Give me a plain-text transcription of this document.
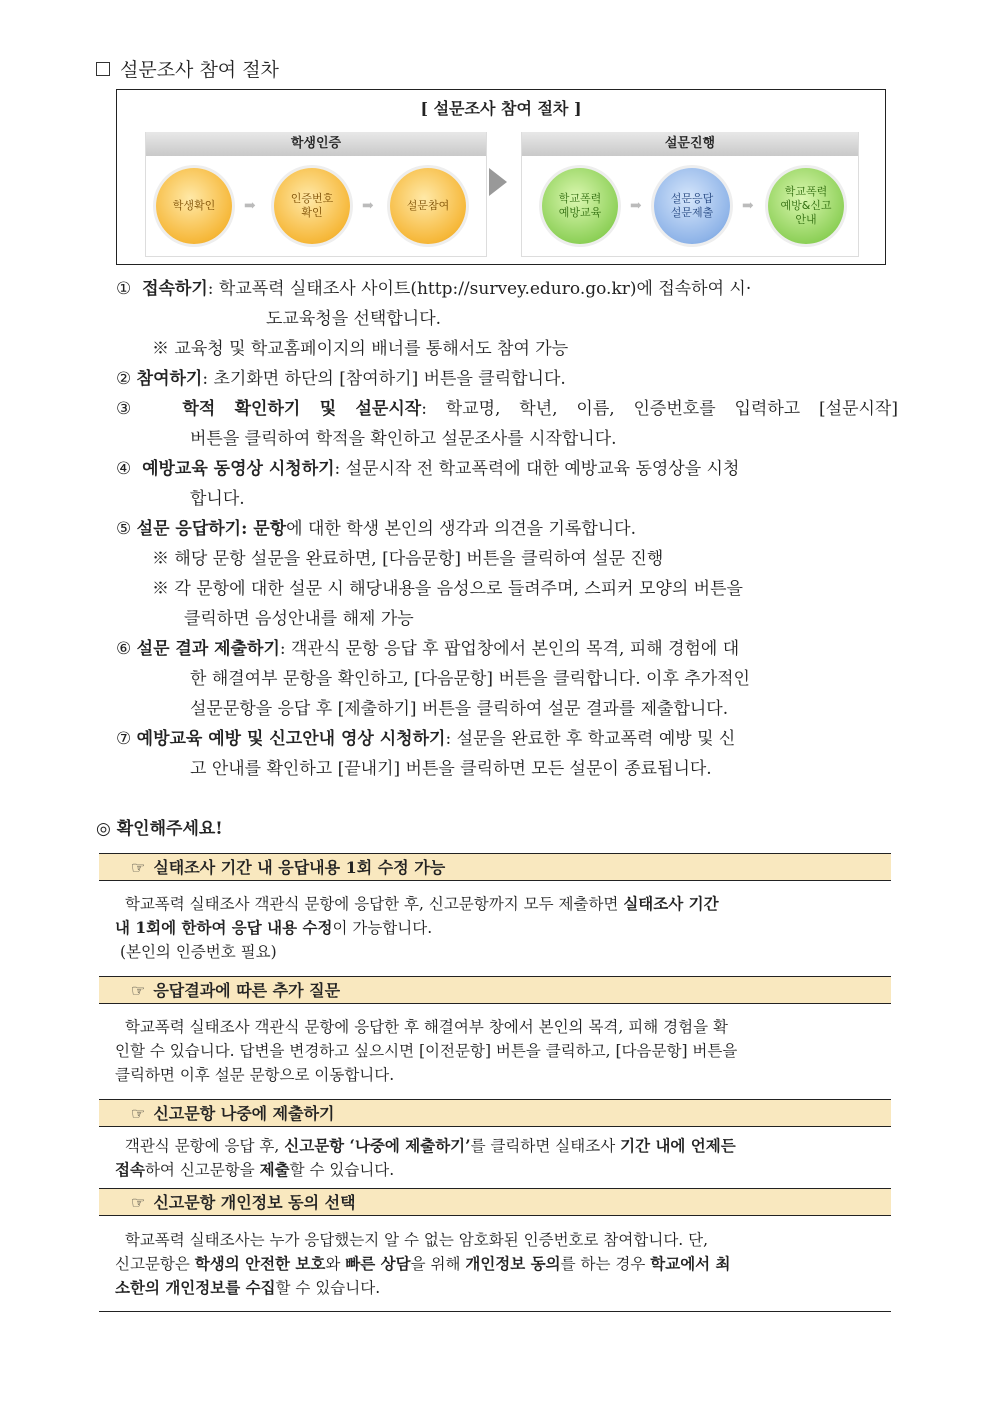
설문조사 참여 절차
[ 설문조사 참여 절차 ]
학생인증
학생확인	➡	인증번호
확인	➡	설문참여
설문진행
학교폭력
예방교육	➡	설문응답
설문제출	➡
학교폭력
예방&신고
안내
① 접속하기: 학교폭력 실태조사 사이트(http://survey.eduro.go.kr)에 접속하여 시·
도교육청을 선택합니다.
※ 교육청 및 학교홈페이지의 배너를 통해서도 참여 가능
② 참여하기: 초기화면 하단의 [참여하기] 버튼을 클릭합니다.
③ 학적 확인하기 및 설문시작: 학교명, 학년, 이름, 인증번호를 입력하고 [설문시작]
버튼을 클릭하여 학적을 확인하고 설문조사를 시작합니다.
④ 예방교육 동영상 시청하기: 설문시작 전 학교폭력에 대한 예방교육 동영상을 시청
합니다.
⑤ 설문 응답하기: 문항에 대한 학생 본인의 생각과 의견을 기록합니다.
※ 해당 문항 설문을 완료하면, [다음문항] 버튼을 클릭하여 설문 진행
※ 각 문항에 대한 설문 시 해당내용을 음성으로 들려주며, 스피커 모양의 버튼을
클릭하면 음성안내를 해제 가능
⑥ 설문 결과 제출하기: 객관식 문항 응답 후 팝업창에서 본인의 목격, 피해 경험에 대
한 해결여부 문항을 확인하고, [다음문항] 버튼을 클릭합니다. 이후 추가적인
설문문항을 응답 후 [제출하기] 버튼을 클릭하여 설문 결과를 제출합니다.
⑦ 예방교육 예방 및 신고안내 영상 시청하기: 설문을 완료한 후 학교폭력 예방 및 신
고 안내를 확인하고 [끝내기] 버튼을 클릭하면 모든 설문이 종료됩니다.
◎ 확인해주세요!
☞ 실태조사 기간 내 응답내용 1회 수정 가능
학교폭력 실태조사 객관식 문항에 응답한 후, 신고문항까지 모두 제출하면 실태조사 기간
내 1회에 한하여 응답 내용 수정이 가능합니다.
(본인의 인증번호 필요)
☞ 응답결과에 따른 추가 질문
학교폭력 실태조사 객관식 문항에 응답한 후 해결여부 창에서 본인의 목격, 피해 경험을 확
인할 수 있습니다. 답변을 변경하고 싶으시면 [이전문항] 버튼을 클릭하고, [다음문항] 버튼을
클릭하면 이후 설문 문항으로 이동합니다.
☞ 신고문항 나중에 제출하기
객관식 문항에 응답 후, 신고문항 ‘나중에 제출하기’를 클릭하면 실태조사 기간 내에 언제든
접속하여 신고문항을 제출할 수 있습니다.
☞ 신고문항 개인정보 동의 선택
학교폭력 실태조사는 누가 응답했는지 알 수 없는 암호화된 인증번호로 참여합니다. 단,
신고문항은 학생의 안전한 보호와 빠른 상담을 위해 개인정보 동의를 하는 경우 학교에서 최
소한의 개인정보를 수집할 수 있습니다.
